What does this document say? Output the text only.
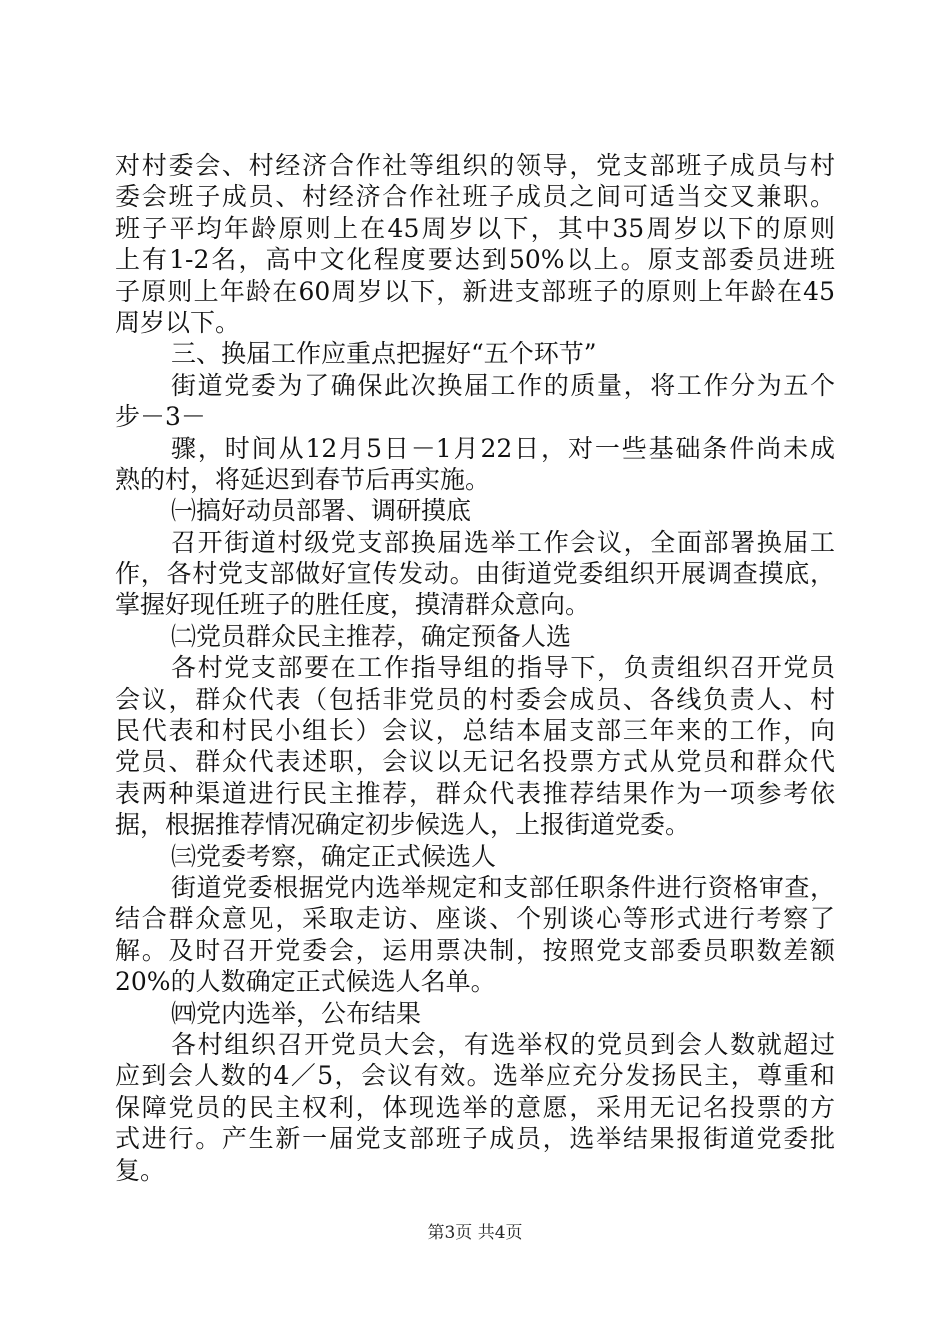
对村委会、村经济合作社等组织的领导，党支部班子成员与村
委会班子成员、村经济合作社班子成员之间可适当交叉兼职。
班子平均年龄原则上在45周岁以下，其中35周岁以下的原则
上有1-2名，高中文化程度要达到50%以上。原支部委员进班
子原则上年龄在60周岁以下，新进支部班子的原则上年龄在45
周岁以下。
三、换届工作应重点把握好“五个环节”
街道党委为了确保此次换届工作的质量，将工作分为五个
步－3－
骤，时间从12月5日－1月22日，对一些基础条件尚未成
熟的村，将延迟到春节后再实施。
㈠搞好动员部署、调研摸底
召开街道村级党支部换届选举工作会议，全面部署换届工
作，各村党支部做好宣传发动。由街道党委组织开展调查摸底，
掌握好现任班子的胜任度，摸清群众意向。
㈡党员群众民主推荐，确定预备人选
各村党支部要在工作指导组的指导下，负责组织召开党员
会议，群众代表（包括非党员的村委会成员、各线负责人、村
民代表和村民小组长）会议，总结本届支部三年来的工作，向
党员、群众代表述职，会议以无记名投票方式从党员和群众代
表两种渠道进行民主推荐，群众代表推荐结果作为一项参考依
据，根据推荐情况确定初步候选人，上报街道党委。
㈢党委考察，确定正式候选人
街道党委根据党内选举规定和支部任职条件进行资格审查，
结合群众意见，采取走访、座谈、个别谈心等形式进行考察了
解。及时召开党委会，运用票决制，按照党支部委员职数差额
20%的人数确定正式候选人名单。
㈣党内选举，公布结果
各村组织召开党员大会，有选举权的党员到会人数就超过
应到会人数的4／5，会议有效。选举应充分发扬民主，尊重和
保障党员的民主权利，体现选举的意愿，采用无记名投票的方
式进行。产生新一届党支部班子成员，选举结果报街道党委批
复。
第3页 共4页
